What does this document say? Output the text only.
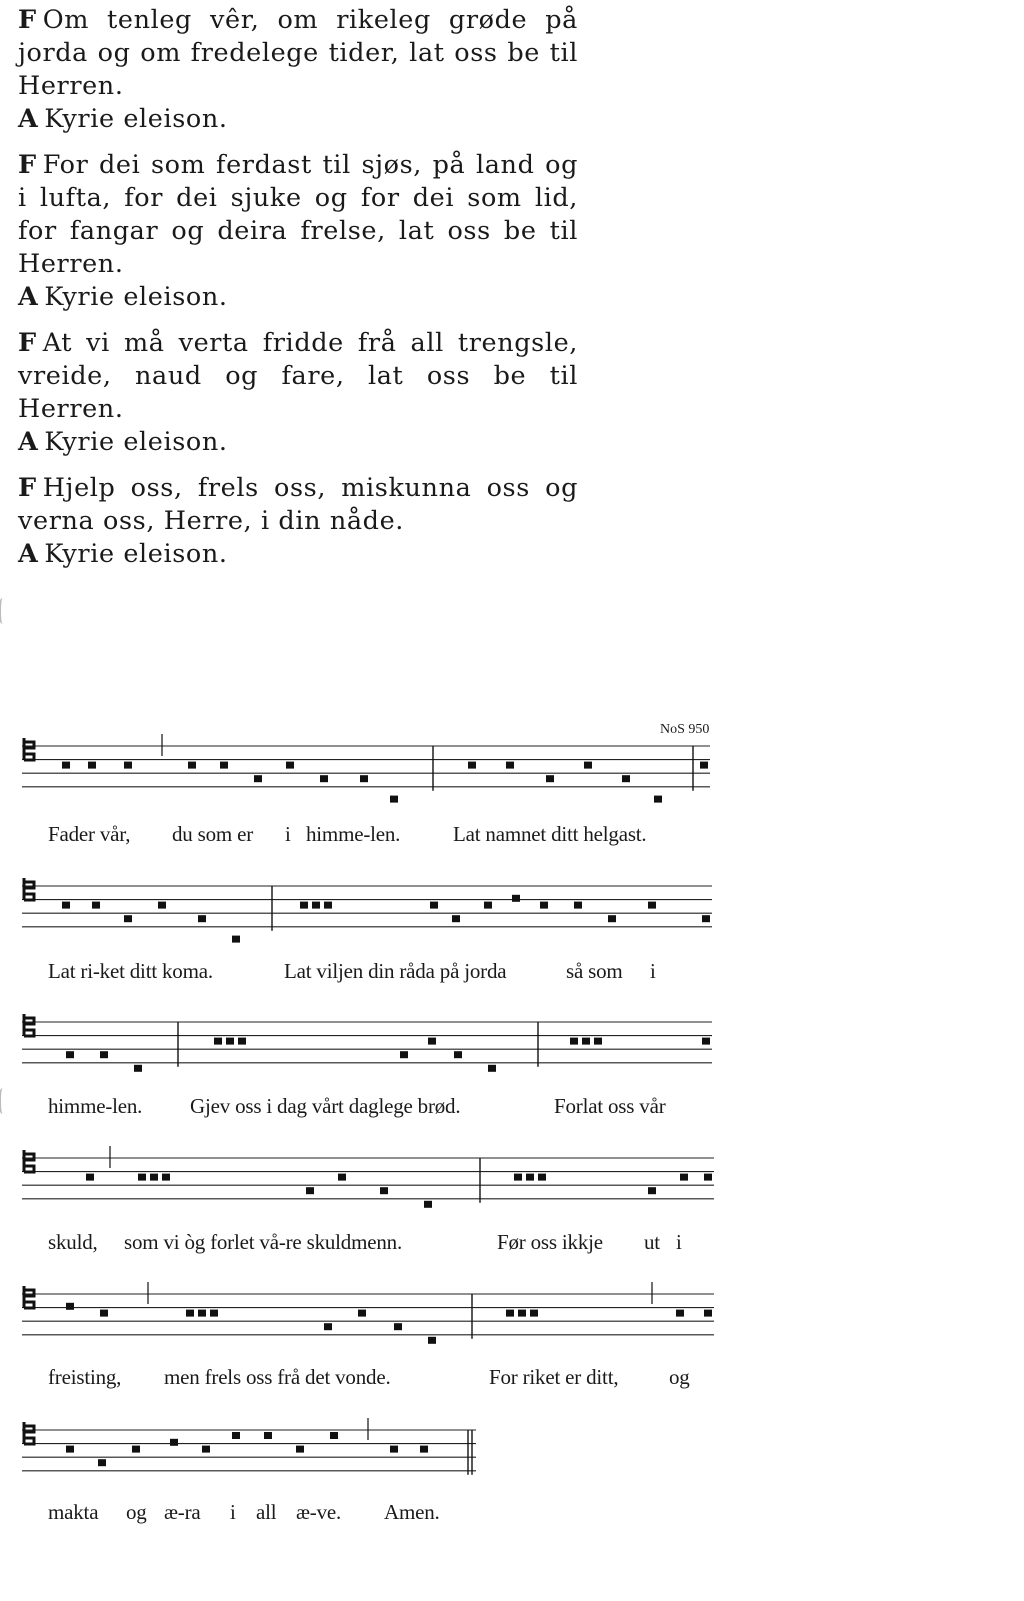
F Om tenleg vêr, om rikeleg grøde på jorda og om fredelege tider, lat oss be til Herren.

A Kyrie eleison.

F For dei som ferdast til sjøs, på land og i lufta, for dei sjuke og for dei som lid, for fangar og deira frelse, lat oss be til Herren.

A Kyrie eleison.

F At vi må verta fridde frå all trengsle, vreide, naud og fare, lat oss be til Herren.

A Kyrie eleison.

F Hjelp oss, frels oss, miskunna oss og verna oss, Herre, i din nåde.

A Kyrie eleison.

NoS 950
Fader vår, du som er i himme-len.	Lat namnet ditt helgast.
Lat ri-ket ditt koma.	Lat viljen din råda på jorda	så som i
himme-len. Gjev oss i dag vårt daglege brød.	Forlat oss vår
skuld, som vi òg forlet vå-re skuldmenn.	Før oss ikkje ut i
freisting, men frels oss frå det vonde.	For riket er ditt, og
makta og æ-ra i all æ-ve. Amen.
